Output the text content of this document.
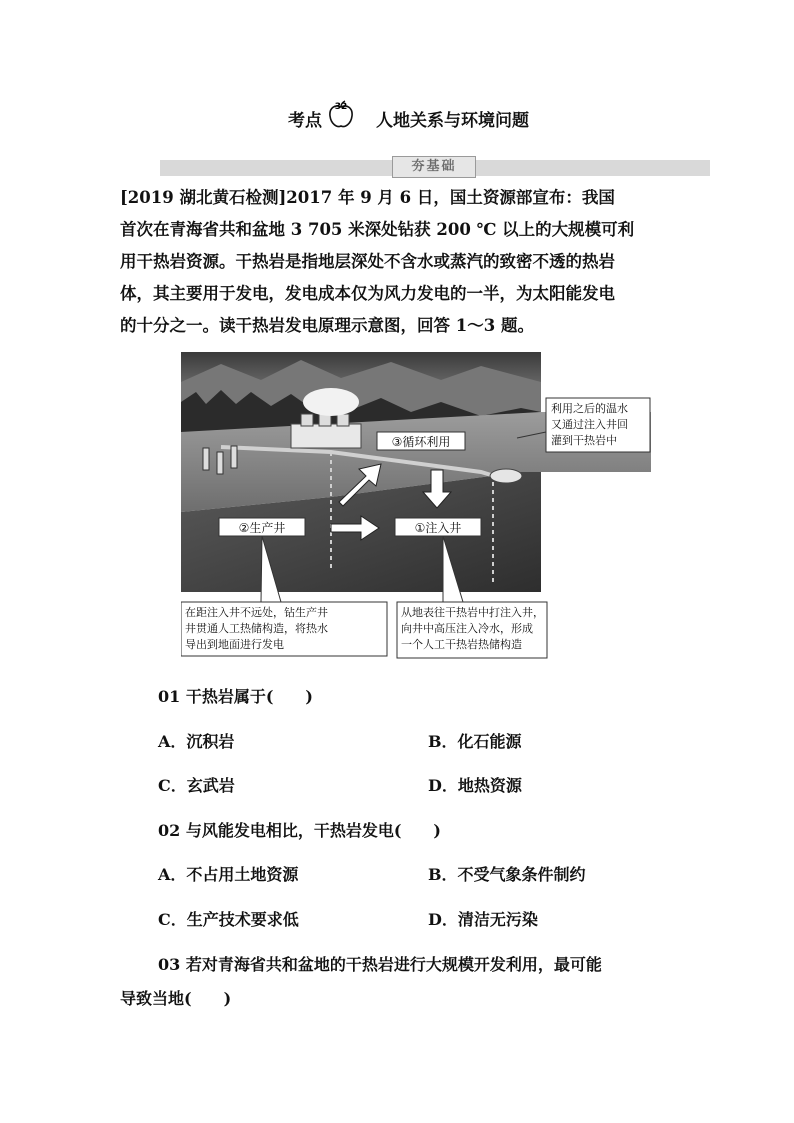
考点
32
人地关系与环境问题
夯基础
[2019 湖北黄石检测]2017 年 9 月 6 日，国土资源部宣布：我国
首次在青海省共和盆地 3 705 米深处钻获 200 ℃ 以上的大规模可利
用干热岩资源。干热岩是指地层深处不含水或蒸汽的致密不透的热岩
体，其主要用于发电，发电成本仅为风力发电的一半，为太阳能发电
的十分之一。读干热岩发电原理示意图，回答 1～3 题。
③循环利用
②生产井	①注入井
利用之后的温水
又通过注入井回
灌到干热岩中
在距注入井不远处，钻生产井
井贯通人工热储构造，将热水
导出到地面进行发电
从地表往干热岩中打注入井，
向井中高压注入冷水，形成
一个人工干热岩热储构造
01 干热岩属于(　　)
A．沉积岩	B．化石能源
C．玄武岩	D．地热资源
02 与风能发电相比，干热岩发电(　　)
A．不占用土地资源	B．不受气象条件制约
C．生产技术要求低	D．清洁无污染
03 若对青海省共和盆地的干热岩进行大规模开发利用，最可能
导致当地(　　)
